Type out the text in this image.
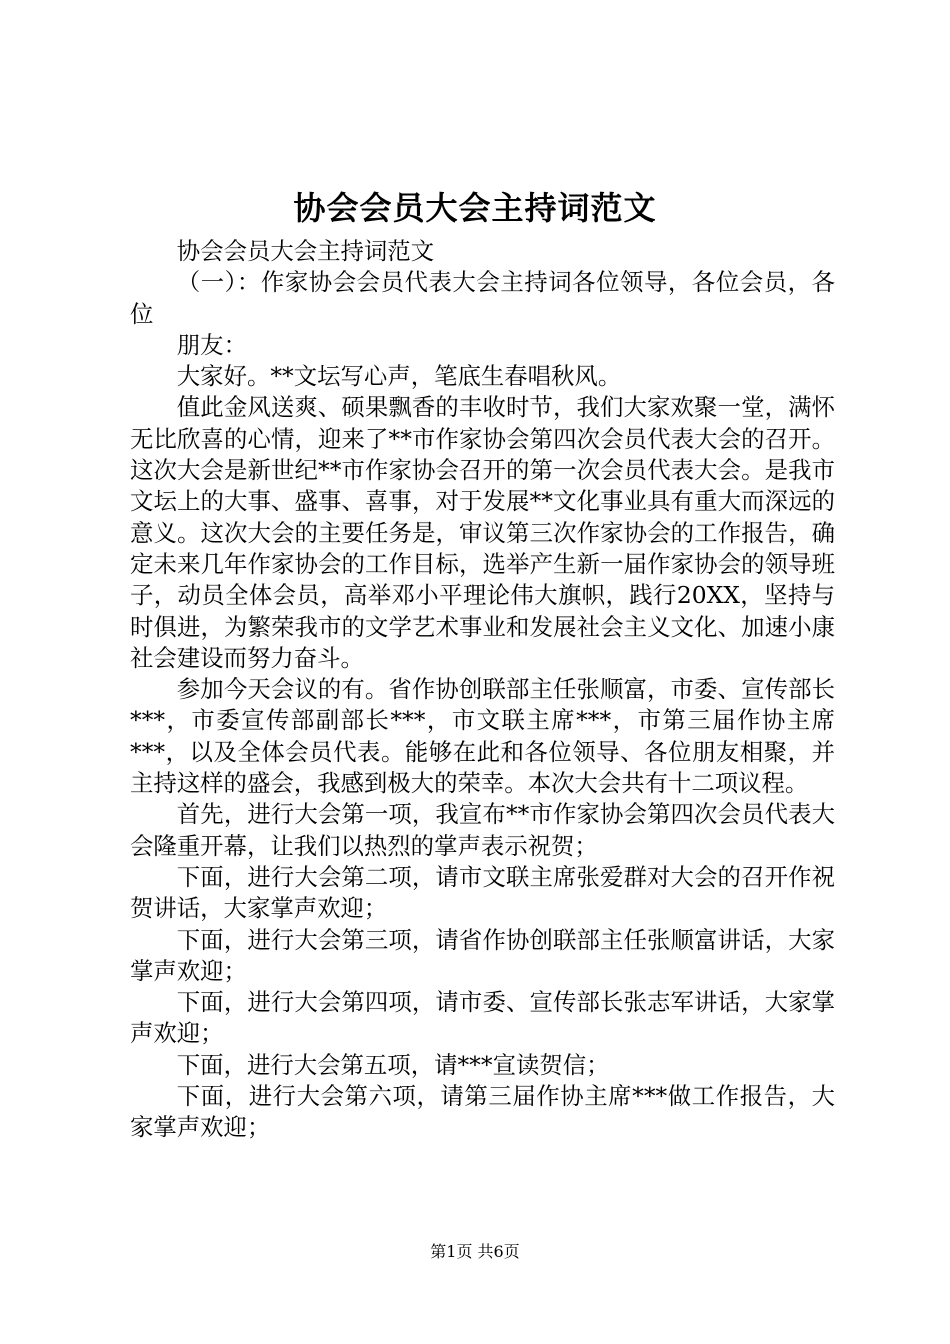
协会会员大会主持词范文

协会会员大会主持词范文

（一）：作家协会会员代表大会主持词各位领导，各位会员，各位

朋友：

大家好。**文坛写心声，笔底生春唱秋风。

值此金风送爽、硕果飘香的丰收时节，我们大家欢聚一堂，满怀无比欣喜的心情，迎来了**市作家协会第四次会员代表大会的召开。这次大会是新世纪**市作家协会召开的第一次会员代表大会。是我市文坛上的大事、盛事、喜事，对于发展**文化事业具有重大而深远的意义。这次大会的主要任务是，审议第三次作家协会的工作报告，确定未来几年作家协会的工作目标，选举产生新一届作家协会的领导班子，动员全体会员，高举邓小平理论伟大旗帜，践行20XX，坚持与时俱进，为繁荣我市的文学艺术事业和发展社会主义文化、加速小康社会建设而努力奋斗。

参加今天会议的有。省作协创联部主任张顺富，市委、宣传部长***，市委宣传部副部长***，市文联主席***，市第三届作协主席***，以及全体会员代表。能够在此和各位领导、各位朋友相聚，并主持这样的盛会，我感到极大的荣幸。本次大会共有十二项议程。

首先，进行大会第一项，我宣布**市作家协会第四次会员代表大会隆重开幕，让我们以热烈的掌声表示祝贺；

下面，进行大会第二项，请市文联主席张爱群对大会的召开作祝贺讲话，大家掌声欢迎；

下面，进行大会第三项，请省作协创联部主任张顺富讲话，大家掌声欢迎；

下面，进行大会第四项，请市委、宣传部长张志军讲话，大家掌声欢迎；

下面，进行大会第五项，请***宣读贺信；

下面，进行大会第六项，请第三届作协主席***做工作报告，大家掌声欢迎；

第1页 共6页
